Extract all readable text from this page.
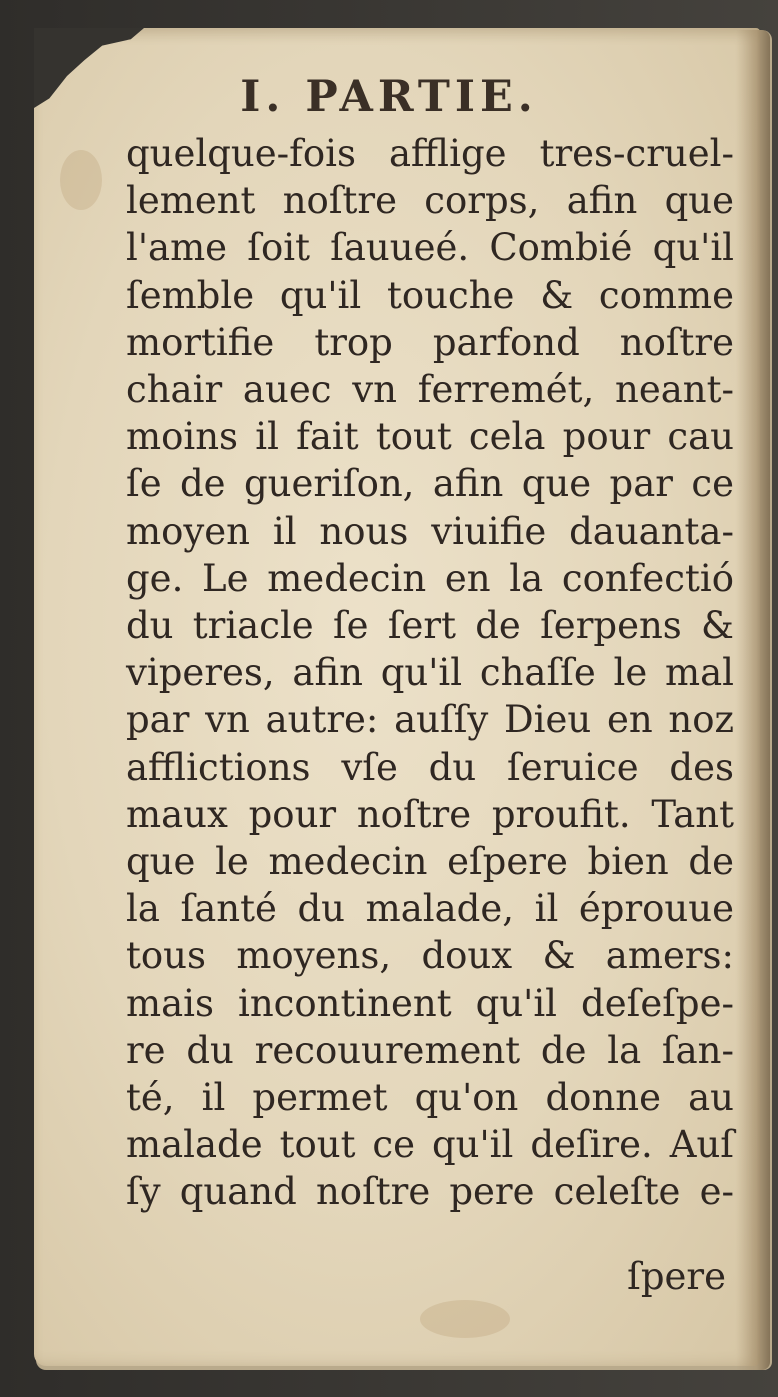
I. PARTIE.
quelque-fois afflige tres-cruel-
lement noſtre corps, afin que
l'ame ſoit ſauueé. Combié qu'il
ſemble qu'il touche & comme
mortifie trop parfond noſtre
chair auec vn ferremét, neant-
moins il fait tout cela pour cau
ſe de gueriſon, afin que par ce
moyen il nous viuifie dauanta-
ge. Le medecin en la confectió
du triacle ſe ſert de ſerpens &
viperes, afin qu'il chaſſe le mal
par vn autre: auſſy Dieu en noz
afflictions vſe du ſeruice des
maux pour noſtre proufit. Tant
que le medecin eſpere bien de
la ſanté du malade, il éprouue
tous moyens, doux & amers:
mais incontinent qu'il deſeſpe-
re du recouurement de la ſan-
té, il permet qu'on donne au
malade tout ce qu'il deſire. Auſ
ſy quand noſtre pere celeſte e-
ſpere
